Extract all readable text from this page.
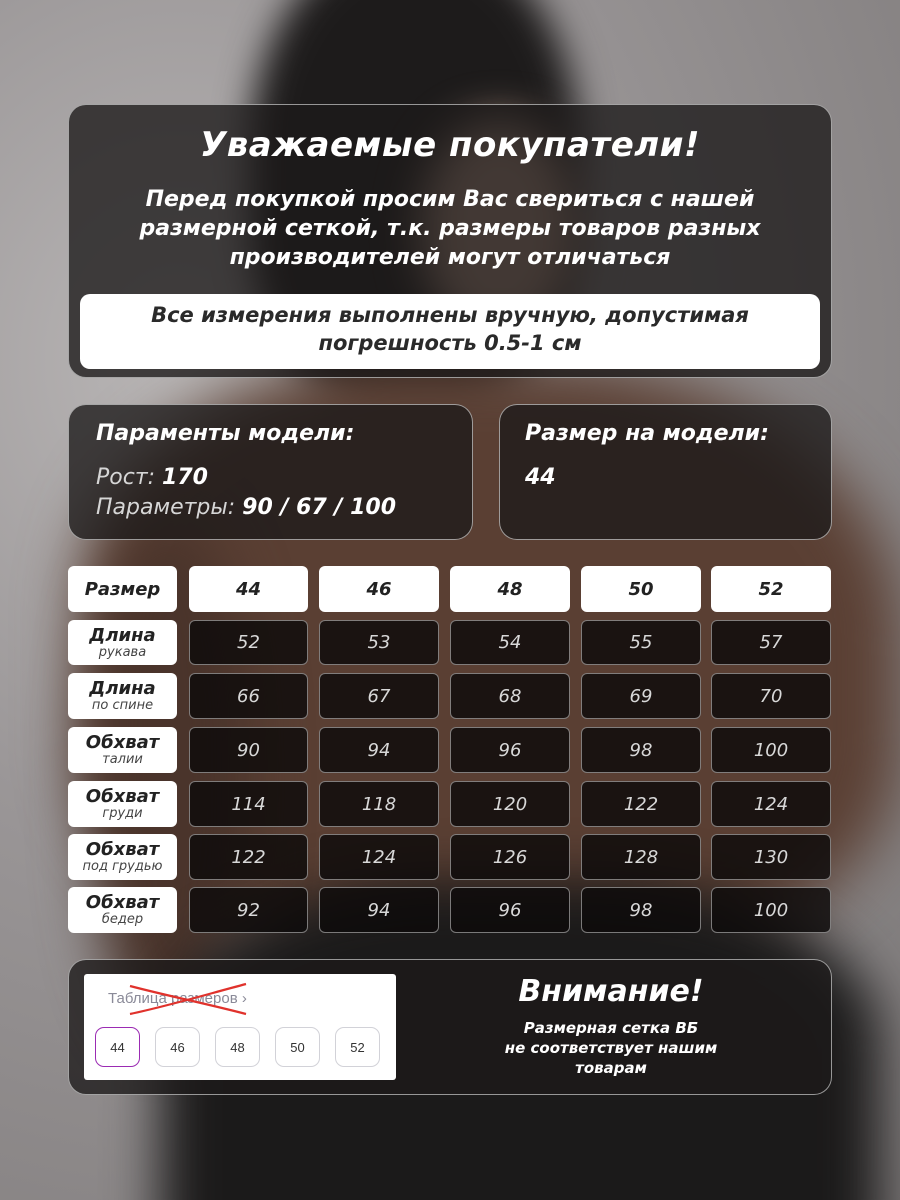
Уважаемые покупатели!
Перед покупкой просим Вас свериться с нашей
размерной сеткой, т.к. размеры товаров разных
производителей могут отличаться
Все измерения выполнены вручную, допустимая
погрешность 0.5-1 см
Параменты модели:
Рост: 170
Параметры: 90 / 67 / 100
Размер на модели:
44
Размер	44	46	48	50	52
Длина
рукава	52	53	54	55	57
Длина
по спине	66	67	68	69	70
Обхват
талии	90	94	96	98	100
Обхват
груди	114	118	120	122	124
Обхват
под грудью	122	124	126	128	130
Обхват
бедер	92	94	96	98	100
Таблица размеров ›
44	46	48	50	52
Внимание!
Размерная сетка ВБ
не соответствует нашим
товарам
